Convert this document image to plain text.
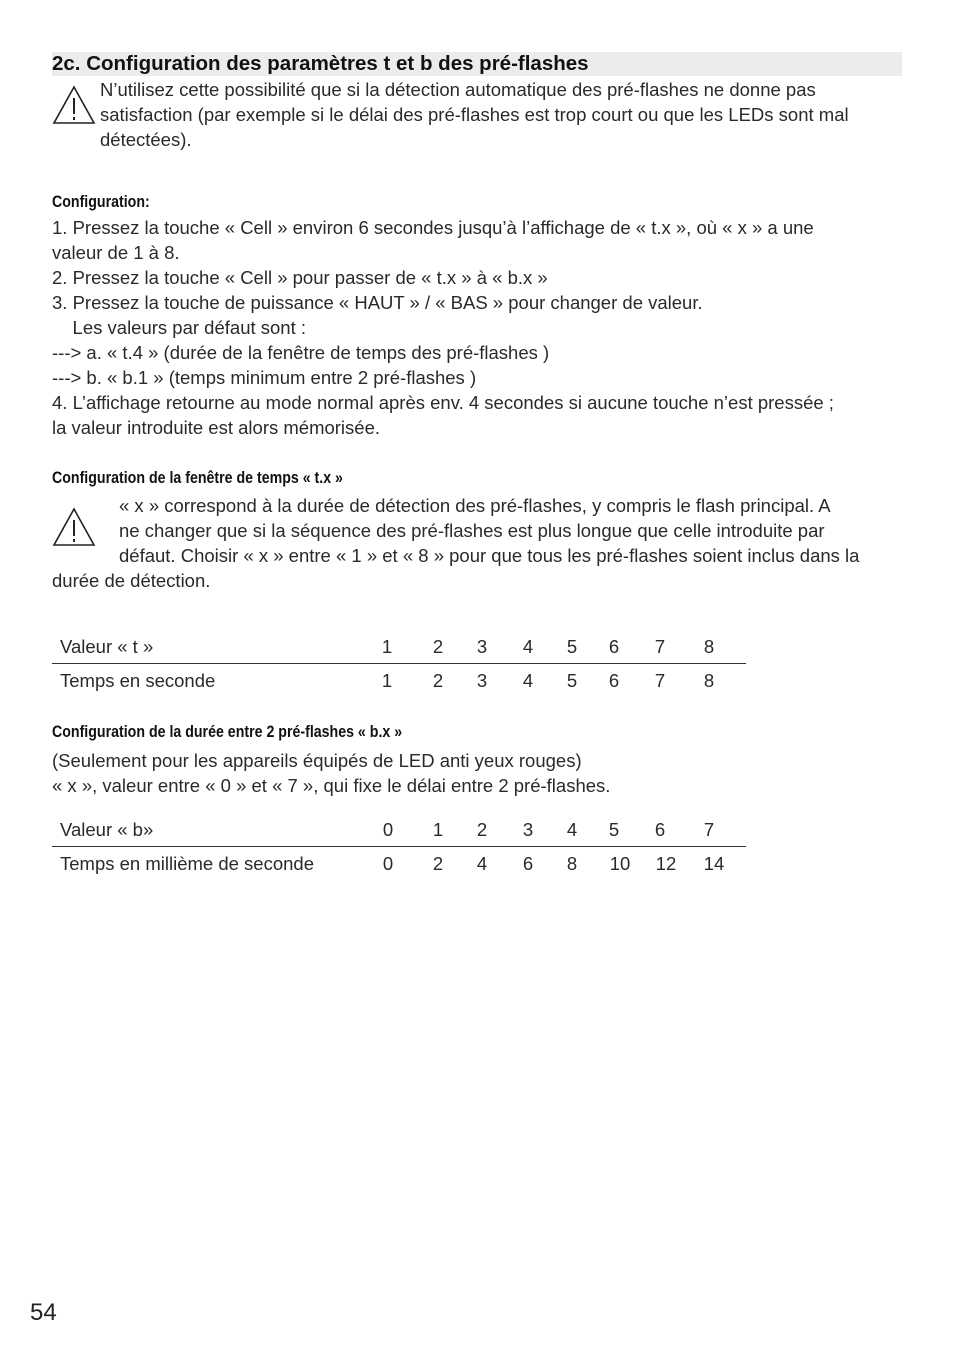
2c. Configuration des paramètres t et b des pré-flashes
N’utilisez cette possibilité que si la détection automatique des pré-flashes ne donne pas
satisfaction (par exemple si le délai des pré-flashes est trop court ou que les LEDs sont mal
détectées).
Configuration:
1. Pressez la touche « Cell » environ 6 secondes jusqu’à l’affichage de « t.x », où « x » a une
valeur de 1 à 8.
2. Pressez la touche « Cell » pour passer de « t.x » à « b.x »
3. Pressez la touche de puissance « HAUT » / « BAS » pour changer de valeur.
Les valeurs par défaut sont :
---> a. « t.4 » (durée de la fenêtre de temps des pré-flashes )
---> b. « b.1 » (temps minimum entre 2 pré-flashes )
4. L’affichage retourne au mode normal après env. 4 secondes si aucune touche n’est pressée ;
la valeur introduite est alors mémorisée.
Configuration de la fenêtre de temps « t.x »
« x » correspond à la durée de détection des pré-flashes, y compris le flash principal. A
ne changer que si la séquence des pré-flashes est plus longue que celle introduite par
défaut. Choisir « x » entre « 1 » et « 8 » pour que tous les pré-flashes soient inclus dans la
durée de détection.
Valeur « t »	1	2	3	4	5	6	7	8
Temps en seconde	1	2	3	4	5	6	7	8
Configuration de la durée entre 2 pré-flashes « b.x »
(Seulement pour les appareils équipés de LED anti yeux rouges)
« x », valeur entre « 0 » et « 7 », qui fixe le délai entre 2 pré-flashes.
Valeur « b»	0	1	2	3	4	5	6	7
Temps en millième de seconde	0	2	4	6	8	10	12	14
54
